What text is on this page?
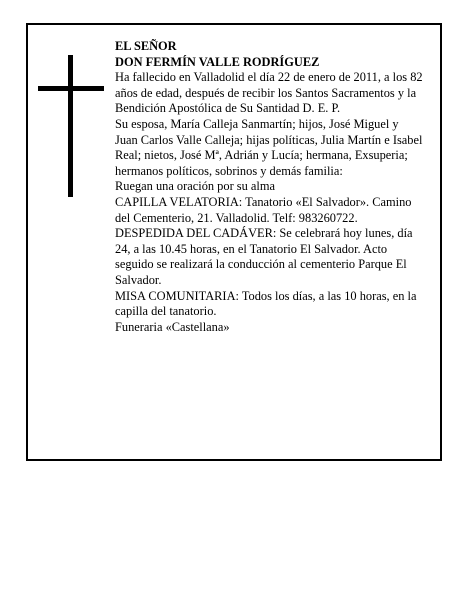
EL SEÑOR

DON FERMÍN VALLE RODRÍGUEZ

Ha fallecido en Valladolid el día 22 de enero de 2011, a los 82 años de edad, después de recibir los Santos Sacramentos y la Bendición Apostólica de Su Santidad D. E. P.

Su esposa, María Calleja Sanmartín; hijos, José Miguel y Juan Carlos Valle Calleja; hijas políticas, Julia Martín e Isabel Real; nietos, José Mª, Adrián y Lucía; hermana, Exsuperia; hermanos políticos, sobrinos y demás familia:

Ruegan una oración por su alma

CAPILLA VELATORIA: Tanatorio «El Salvador». Camino del Cementerio, 21. Valladolid. Telf: 983260722.

DESPEDIDA DEL CADÁVER: Se celebrará hoy lunes, día 24, a las 10.45 horas, en el Tanatorio El Salvador. Acto seguido se realizará la conducción al cementerio Parque El Salvador.

MISA COMUNITARIA: Todos los días, a las 10 horas, en la capilla del tanatorio.

Funeraria «Castellana»
